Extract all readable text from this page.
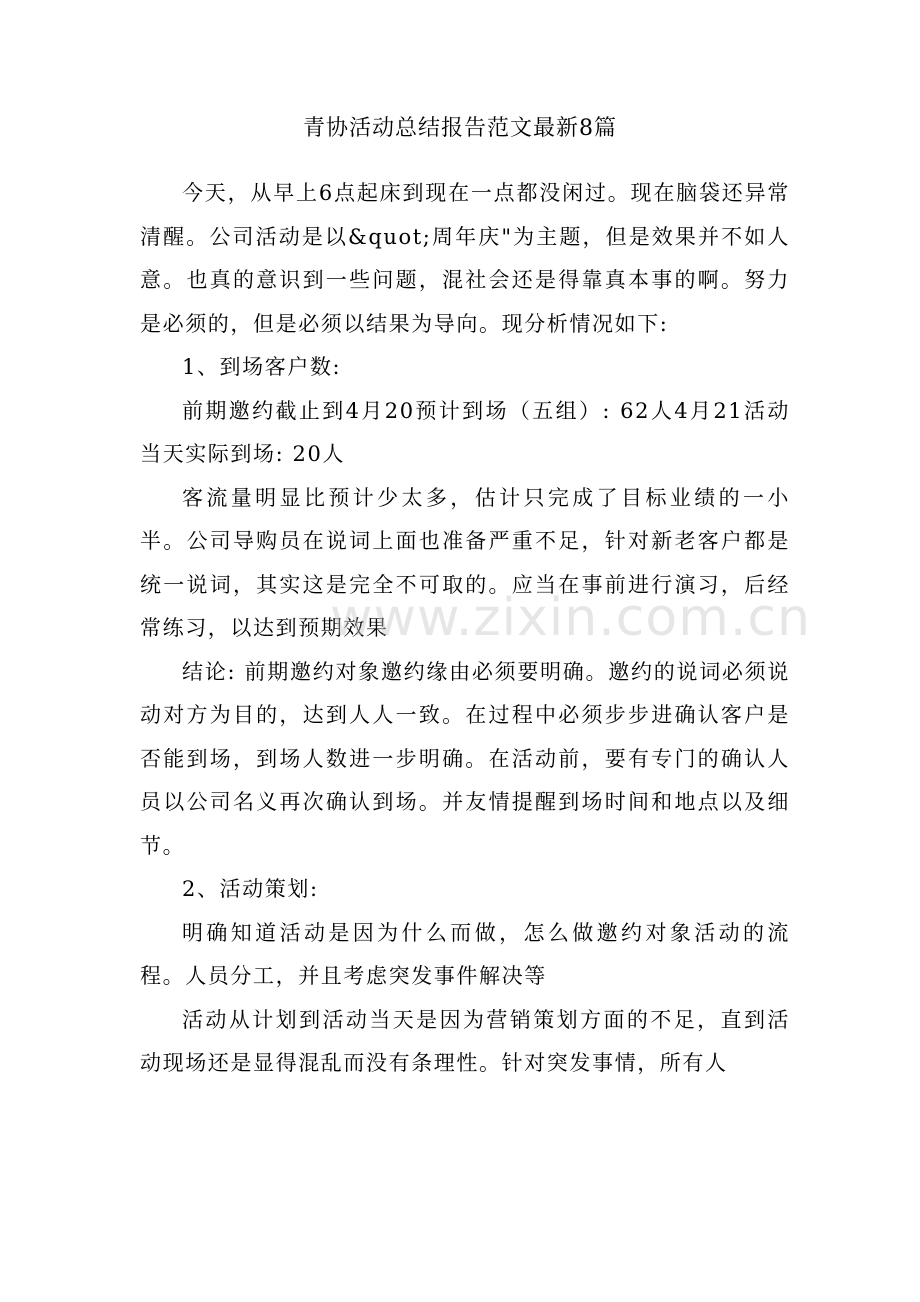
青协活动总结报告范文最新8篇

今天，从早上6点起床到现在一点都没闲过。现在脑袋还异常清醒。公司活动是以&quot;周年庆"为主题，但是效果并不如人意。也真的意识到一些问题，混社会还是得靠真本事的啊。努力是必须的，但是必须以结果为导向。现分析情况如下:

1、到场客户数:

前期邀约截止到4月20预计到场（五组）: 62人4月21活动当天实际到场: 20人

客流量明显比预计少太多，估计只完成了目标业绩的一小半。公司导购员在说词上面也准备严重不足，针对新老客户都是统一说词，其实这是完全不可取的。应当在事前进行演习，后经常练习，以达到预期效果

结论: 前期邀约对象邀约缘由必须要明确。邀约的说词必须说动对方为目的，达到人人一致。在过程中必须步步进确认客户是否能到场，到场人数进一步明确。在活动前，要有专门的确认人员以公司名义再次确认到场。并友情提醒到场时间和地点以及细节。

2、活动策划:

明确知道活动是因为什么而做，怎么做邀约对象活动的流程。人员分工，并且考虑突发事件解决等

活动从计划到活动当天是因为营销策划方面的不足，直到活动现场还是显得混乱而没有条理性。针对突发事情，所有人

www.zixin.com.cn
